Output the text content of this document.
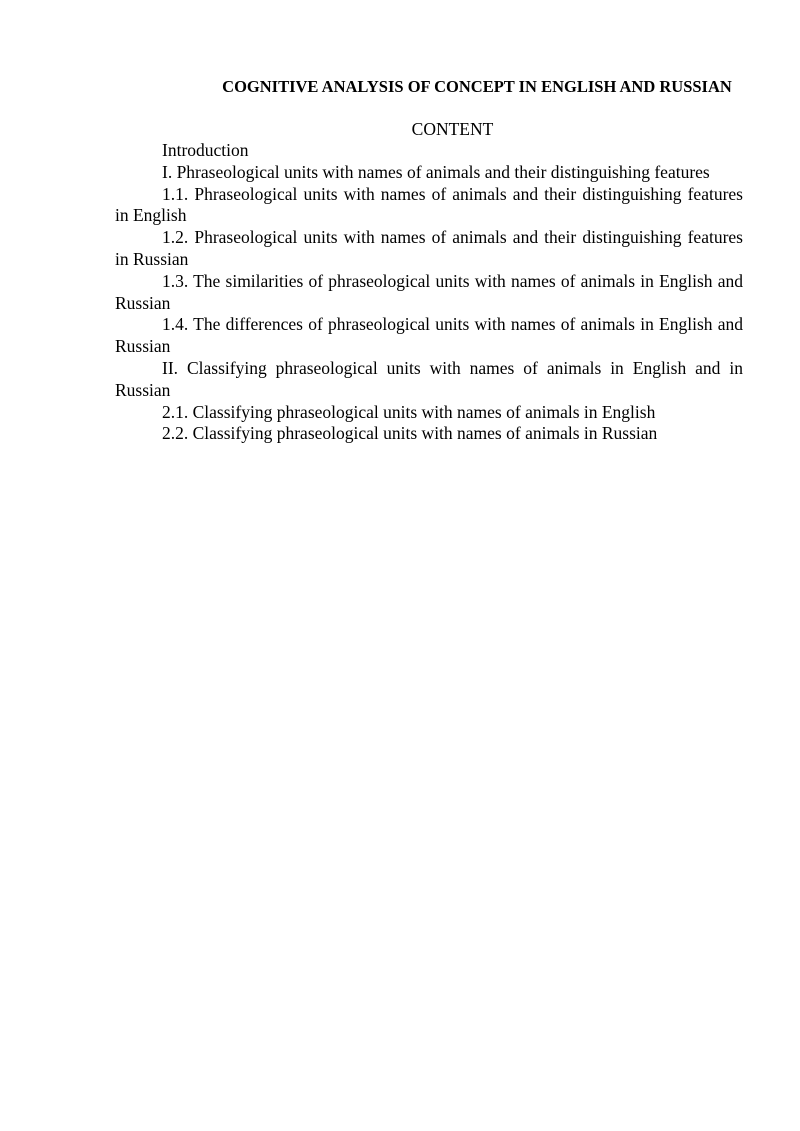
COGNITIVE ANALYSIS OF CONCEPT IN ENGLISH AND RUSSIAN
CONTENT
Introduction
I. Phraseological units with names of animals and their distinguishing features
1.1. Phraseological units with names of animals and their distinguishing features in English
1.2. Phraseological units with names of animals and their distinguishing features in Russian
1.3. The similarities of phraseological units with names of animals in English and Russian
1.4. The differences of phraseological units with names of animals in English and Russian
II. Classifying phraseological units with names of animals in English and in Russian
2.1. Classifying phraseological units with names of animals in English
2.2. Classifying phraseological units with names of animals in Russian
